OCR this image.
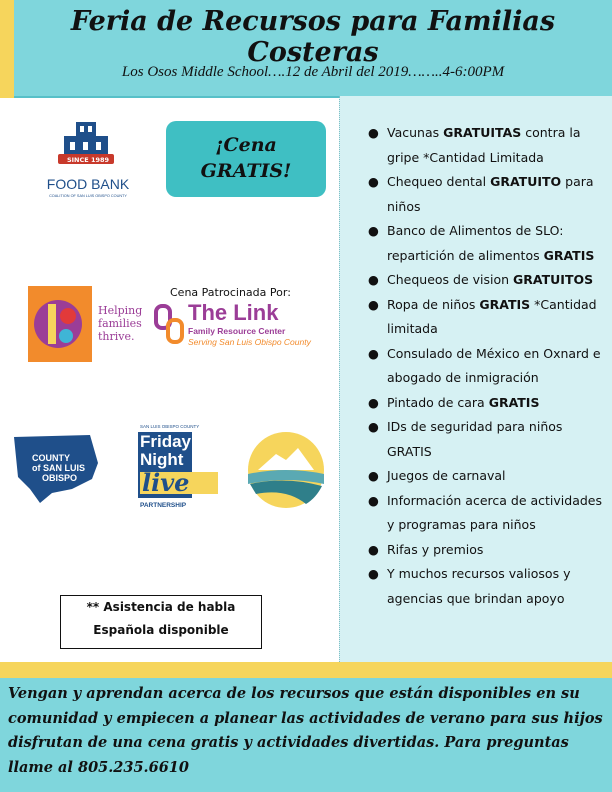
Feria de Recursos para Familias Costeras
Los Osos Middle School….12 de Abril del 2019……..4-6:00PM
SINCE 1989
FOOD BANK
COALITION OF SAN LUIS OBISPO COUNTY
¡Cena
GRATIS!
Helping families thrive.
Cena Patrocinada Por:
The Link
Family Resource Center
Serving San Luis Obispo County
COUNTY
of SAN LUIS
OBISPO
SAN LUIS OBISPO COUNTY
Friday
Night
live
PARTNERSHIP
** Asistencia de habla
Española disponible
● Vacunas GRATUITAS contra la gripe *Cantidad Limitada
● Chequeo dental GRATUITO para niños
● Banco de Alimentos de SLO: repartición de alimentos GRATIS
● Chequeos de vision GRATUITOS
● Ropa de niños GRATIS *Cantidad limitada
● Consulado de México en Oxnard e abogado de inmigración
● Pintado de cara GRATIS
● IDs de seguridad para niños GRATIS
● Juegos de carnaval
● Información acerca de actividades y programas para niños
● Rifas y premios
● Y muchos recursos valiosos y agencias que brindan apoyo
Vengan y aprendan acerca de los recursos que están disponibles en su comunidad y empiecen a planear las actividades de verano para sus hijos disfrutan de una cena gratis y actividades divertidas. Para preguntas llame al 805.235.6610
